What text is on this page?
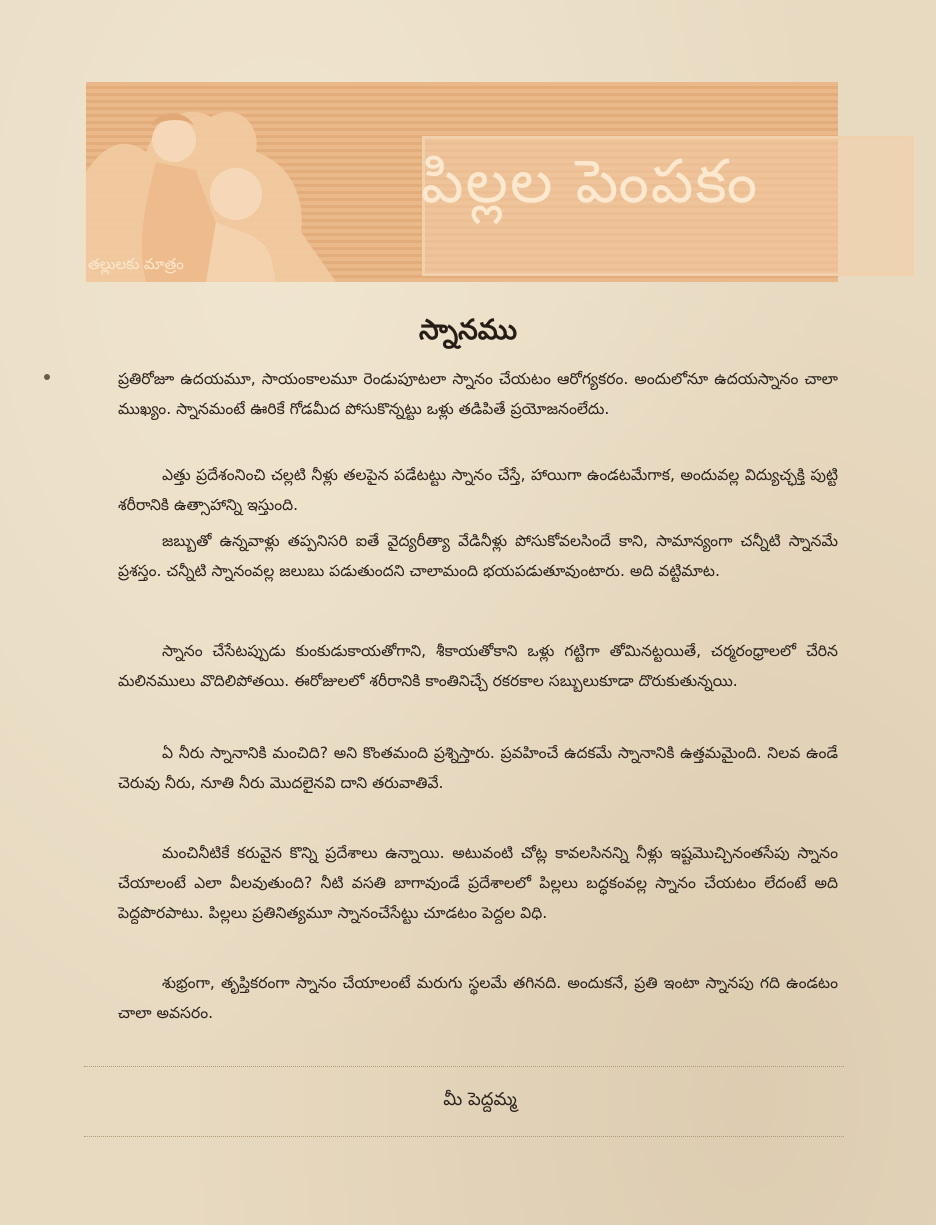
పిల్లల పెంపకం
తల్లులకు మాత్రం
స్నానము
ప్రతిరోజూ ఉదయమూ, సాయంకాలమూ రెండుపూటలా స్నానం చేయటం ఆరోగ్యకరం. అందులోనూ ఉదయస్నానం చాలా ముఖ్యం. స్నానమంటే ఊరికే గోడమీద పోసుకొన్నట్టు ఒళ్లు తడిపితే ప్రయోజనంలేదు.
ఎత్తు ప్రదేశంనించి చల్లటి నీళ్లు తలపైన పడేటట్టు స్నానం చేస్తే, హాయిగా ఉండటమేగాక, అందువల్ల విద్యుచ్ఛక్తి పుట్టి శరీరానికి ఉత్సాహాన్ని ఇస్తుంది.
జబ్బుతో ఉన్నవాళ్లు తప్పనిసరి ఐతే వైద్యరీత్యా వేడినీళ్లు పోసుకోవలసిందే కాని, సామాన్యంగా చన్నీటి స్నానమే ప్రశస్తం. చన్నీటి స్నానంవల్ల జలుబు పడుతుందని చాలామంది భయపడుతూవుంటారు. అది వట్టిమాట.
స్నానం చేసేటప్పుడు కుంకుడుకాయతోగాని, శీకాయతోకాని ఒళ్లు గట్టిగా తోమినట్టయితే, చర్మరంధ్రాలలో చేరిన మలినములు వొదిలిపోతయి. ఈరోజులలో శరీరానికి కాంతినిచ్చే రకరకాల సబ్బులుకూడా దొరుకుతున్నయి.
ఏ నీరు స్నానానికి మంచిది? అని కొంతమంది ప్రశ్నిస్తారు. ప్రవహించే ఉదకమే స్నానానికి ఉత్తమమైంది. నిలవ ఉండే చెరువు నీరు, నూతి నీరు మొదలైనవి దాని తరువాతివే.
మంచినీటికే కరువైన కొన్ని ప్రదేశాలు ఉన్నాయి. అటువంటి చోట్ల కావలసినన్ని నీళ్లు ఇష్టమొచ్చినంతసేపు స్నానం చేయాలంటే ఎలా వీలవుతుంది? నీటి వసతి బాగావుండే ప్రదేశాలలో పిల్లలు బద్ధకంవల్ల స్నానం చేయటం లేదంటే అది పెద్దపొరపాటు. పిల్లలు ప్రతినిత్యమూ స్నానంచేసేట్టు చూడటం పెద్దల విధి.
శుభ్రంగా, తృప్తికరంగా స్నానం చేయాలంటే మరుగు స్థలమే తగినది. అందుకనే, ప్రతి ఇంటా స్నానపు గది ఉండటం చాలా అవసరం.
మీ పెద్దమ్మ
